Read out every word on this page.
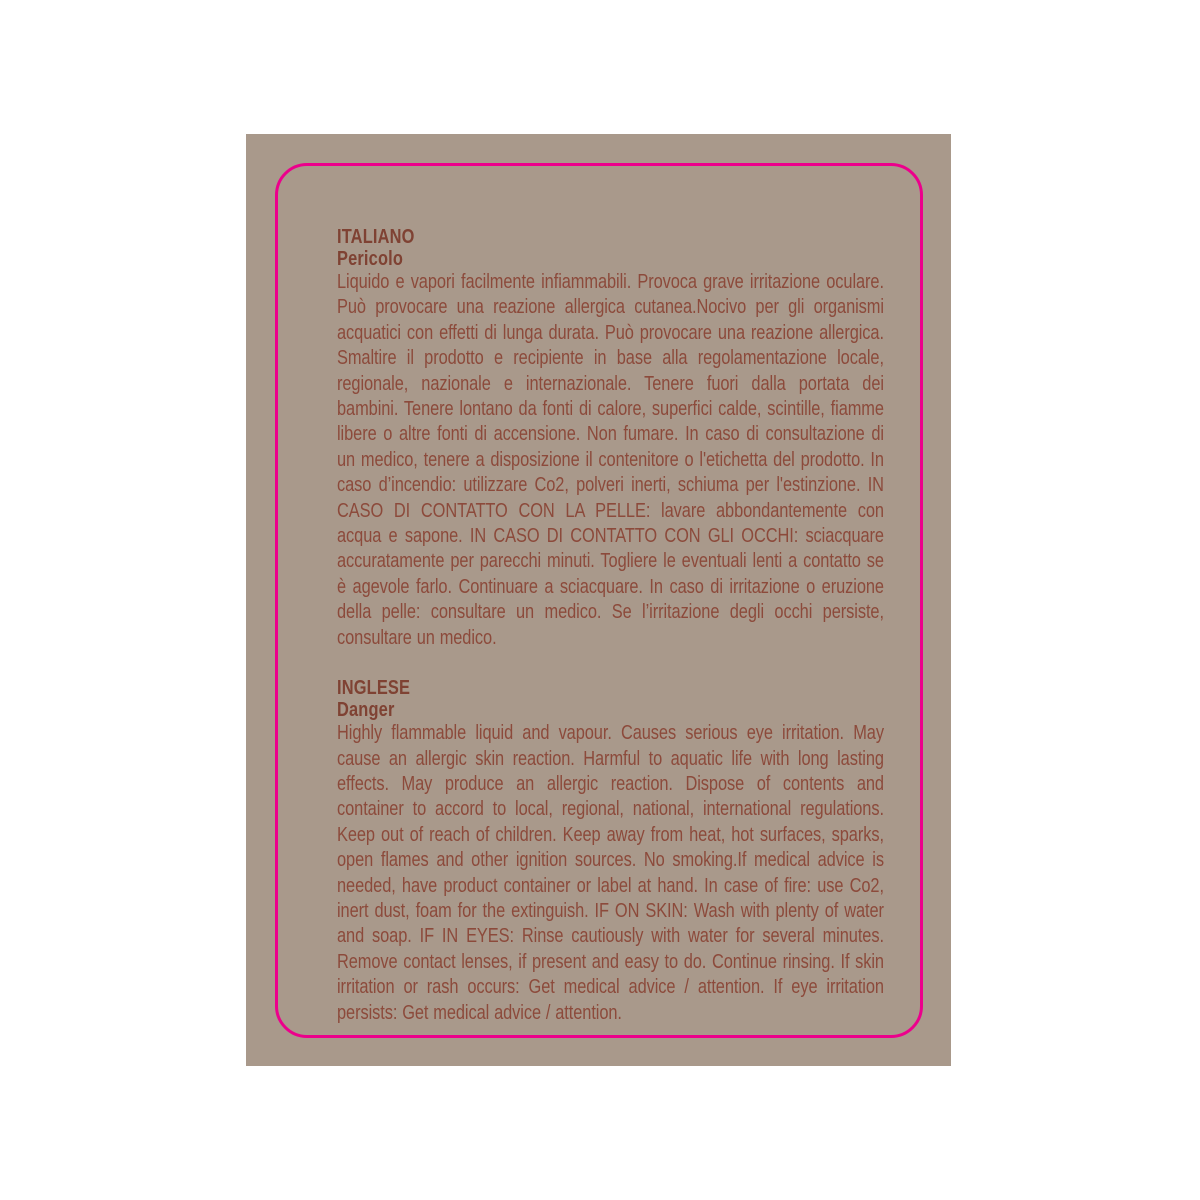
ITALIANO
Pericolo
Liquido e vapori facilmente infiammabili. Provoca grave irritazione oculare. Può provocare una reazione allergica cutanea.Nocivo per gli organismi acquatici con effetti di lunga durata. Può provocare una reazione allergica. Smaltire il prodotto e recipiente in base alla regolamentazione locale, regionale, nazionale e internazionale. Tenere fuori dalla portata dei bambini. Tenere lontano da fonti di calore, superfici calde, scintille, fiamme libere o altre fonti di accensione. Non fumare. In caso di consultazione di un medico, tenere a disposizione il contenitore o l'etichetta del prodotto. In caso d’incendio: utilizzare Co2, polveri inerti, schiuma per l'estinzione. IN CASO DI CONTATTO CON LA PELLE: lavare abbondantemente con acqua e sapone. IN CASO DI CONTATTO CON GLI OCCHI: sciacquare accuratamente per parecchi minuti. Togliere le eventuali lenti a contatto se è agevole farlo. Continuare a sciacquare. In caso di irritazione o eruzione della pelle: consultare un medico. Se l’irritazione degli occhi persiste, consultare un medico.
INGLESE
Danger
Highly flammable liquid and vapour. Causes serious eye irritation. May cause an allergic skin reaction. Harmful to aquatic life with long lasting effects. May produce an allergic reaction. Dispose of contents and container to accord to local, regional, national, international regulations. Keep out of reach of children. Keep away from heat, hot surfaces, sparks, open flames and other ignition sources. No smoking.If medical advice is needed, have product container or label at hand. In case of fire: use Co2, inert dust, foam for the extinguish. IF ON SKIN: Wash with plenty of water and soap. IF IN EYES: Rinse cautiously with water for several minutes. Remove contact lenses, if present and easy to do. Continue rinsing. If skin irritation or rash occurs: Get medical advice / attention. If eye irritation persists: Get medical advice / attention.
